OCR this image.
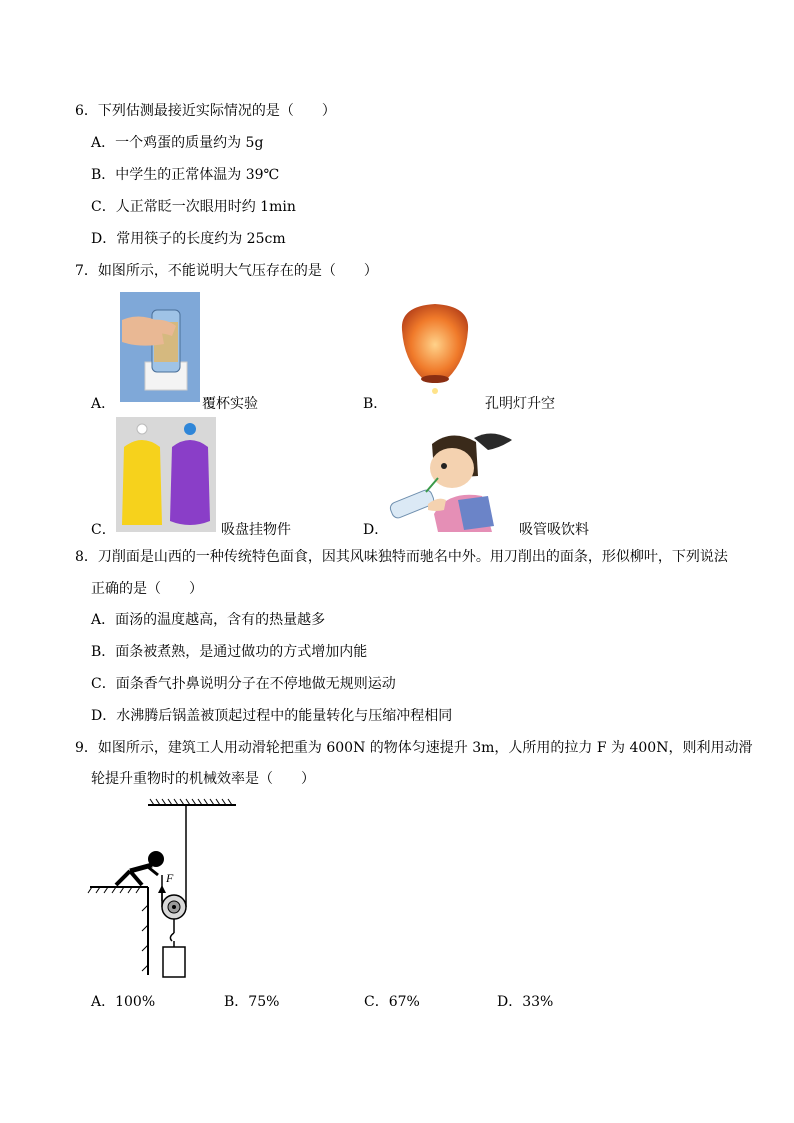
6．下列估测最接近实际情况的是（　　）
A．一个鸡蛋的质量约为 5g
B．中学生的正常体温为 39℃
C．人正常眨一次眼用时约 1min
D．常用筷子的长度约为 25cm
7．如图所示，不能说明大气压存在的是（　　）
A．	覆杯实验	B．	孔明灯升空
C．	吸盘挂物件	D．	吸管吸饮料
8．刀削面是山西的一种传统特色面食，因其风味独特而驰名中外。用刀削出的面条，形似柳叶，下列说法
正确的是（　　）
A．面汤的温度越高，含有的热量越多
B．面条被煮熟，是通过做功的方式增加内能
C．面条香气扑鼻说明分子在不停地做无规则运动
D．水沸腾后锅盖被顶起过程中的能量转化与压缩冲程相同
9．如图所示，建筑工人用动滑轮把重为 600N 的物体匀速提升 3m，人所用的拉力 F 为 400N，则利用动滑
轮提升重物时的机械效率是（　　）
F
A．100%	B．75%	C．67%	D．33%
